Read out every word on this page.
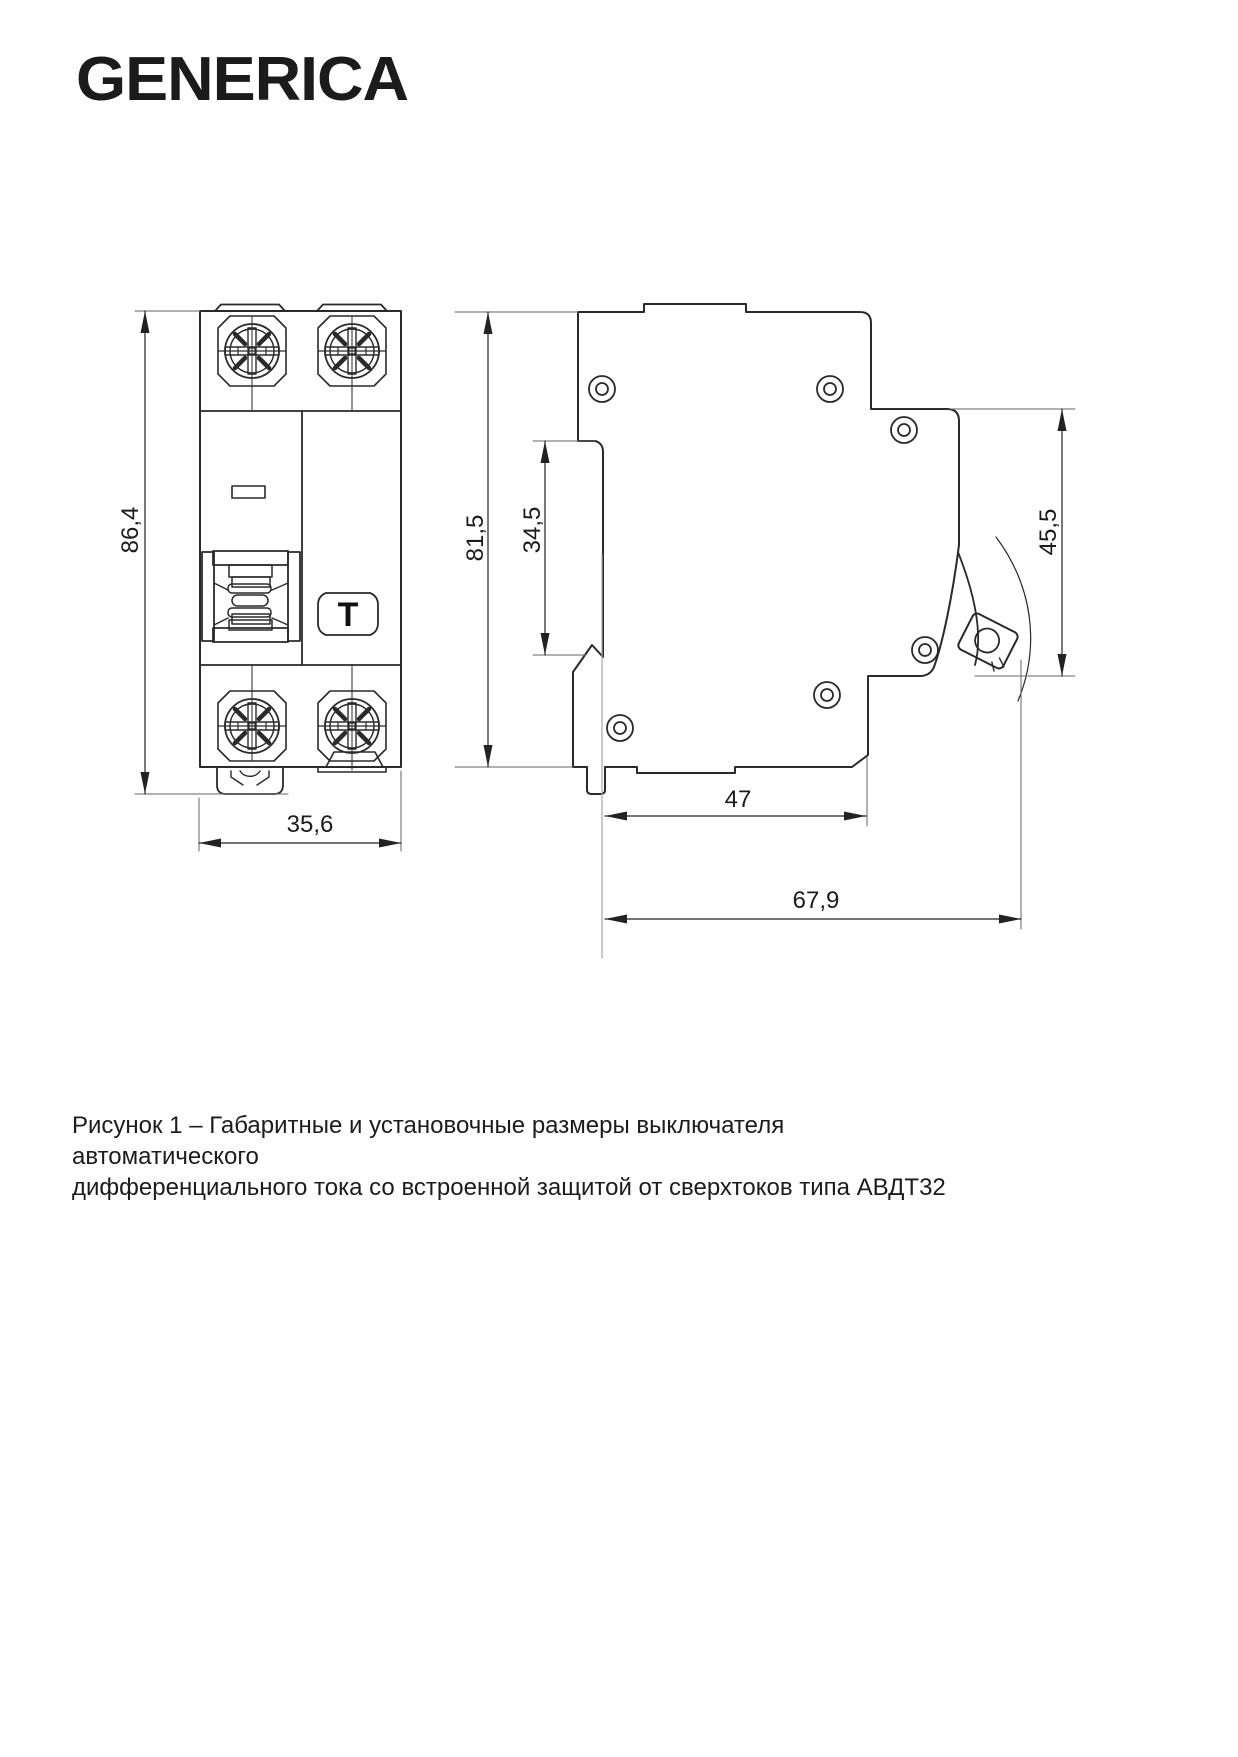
GENERICA
T
86,4
35,6
81,5 34,5	45,5
47
67,9
Рисунок 1 – Габаритные и установочные размеры выключателя автоматического
дифференциального тока со встроенной защитой от сверхтоков типа АВДТ32
